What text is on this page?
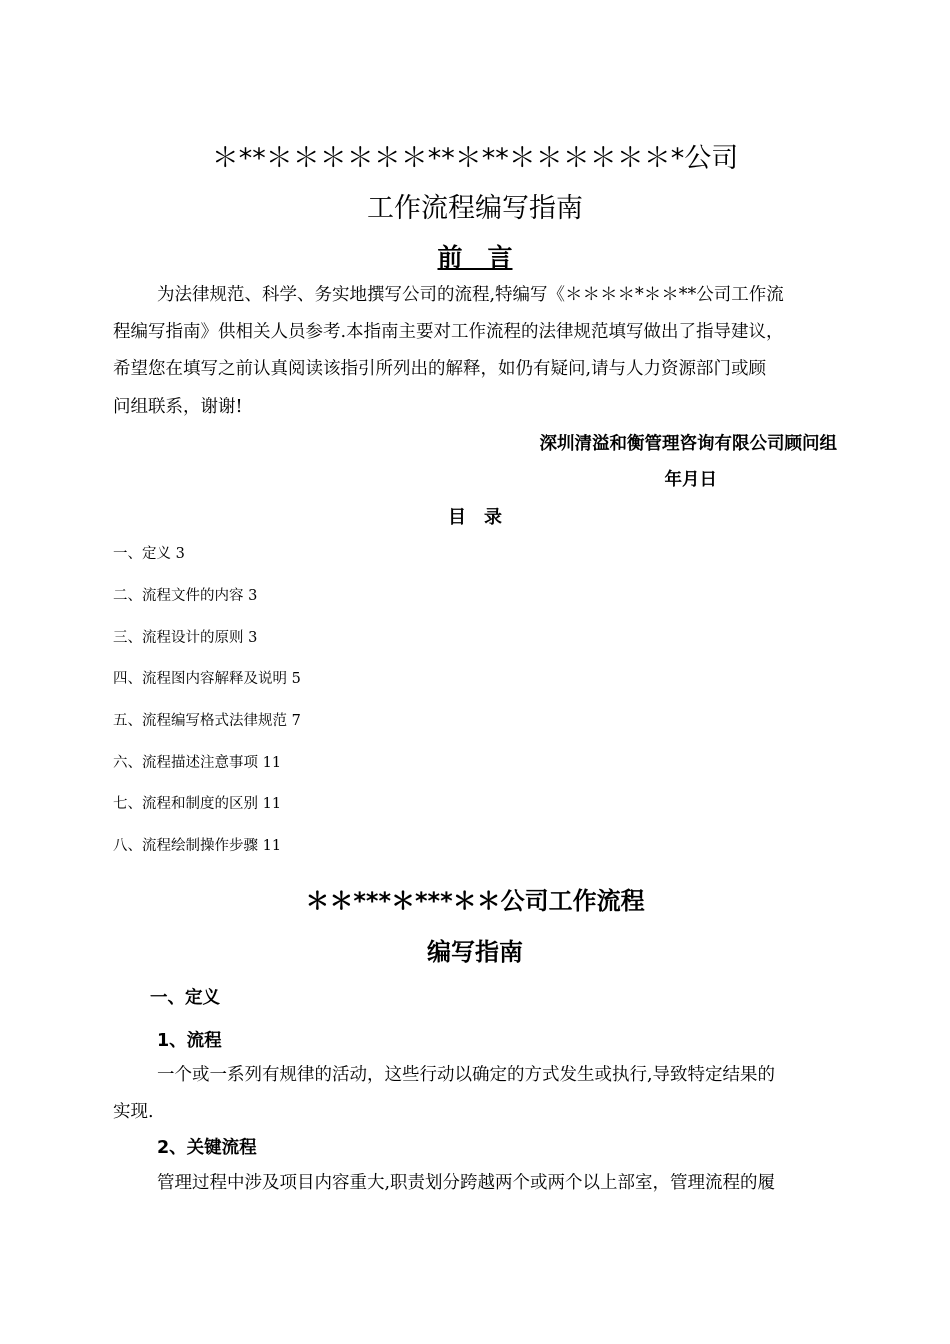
＊**＊＊＊＊＊＊**＊**＊＊＊＊＊＊*公司
工作流程编写指南
前　言
为法律规范、科学、务实地撰写公司的流程,特编写《＊＊＊＊*＊＊**公司工作流
程编写指南》供相关人员参考.本指南主要对工作流程的法律规范填写做出了指导建议，
希望您在填写之前认真阅读该指引所列出的解释，如仍有疑问,请与人力资源部门或顾
问组联系，谢谢!
深圳清溢和衡管理咨询有限公司顾问组
年月日
目　录
一、定义 3
二、流程文件的内容 3
三、流程设计的原则 3
四、流程图内容解释及说明 5
五、流程编写格式法律规范 7
六、流程描述注意事项 11
七、流程和制度的区别 11
八、流程绘制操作步骤 11
＊＊***＊***＊＊公司工作流程
编写指南
一、定义
1、流程
一个或一系列有规律的活动，这些行动以确定的方式发生或执行,导致特定结果的
实现.
2、关键流程
管理过程中涉及项目内容重大,职责划分跨越两个或两个以上部室，管理流程的履
